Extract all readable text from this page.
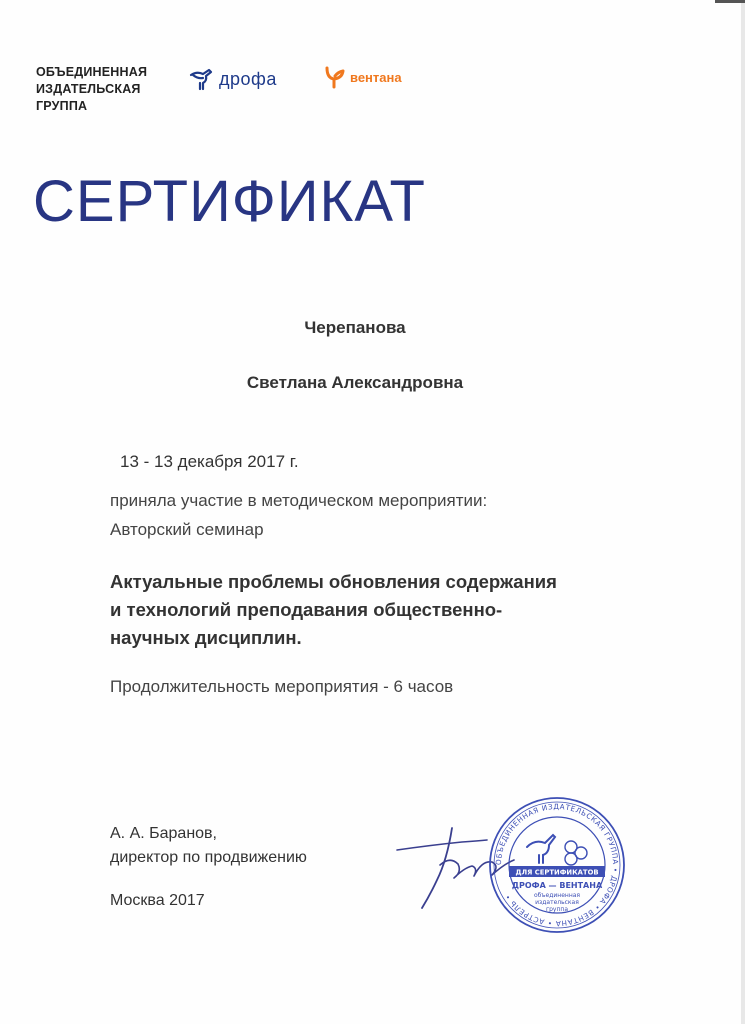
ОБЪЕДИНЕННАЯ
ИЗДАТЕЛЬСКАЯ
ГРУППА
дрофа	вентана
СЕРТИФИКАТ
Черепанова
Светлана Александровна
13 - 13 декабря 2017 г.
приняла участие в методическом мероприятии:
Авторский семинар
Актуальные проблемы обновления содержания
и технологий преподавания общественно-
научных дисциплин.
Продолжительность мероприятия - 6 часов
А. А. Баранов,
директор по продвижению
Москва 2017
ОБЪЕДИНЕННАЯ ИЗДАТЕЛЬСКАЯ ГРУППА • ДРОФА • ВЕНТАНА • АСТРЕЛЬ •
ДЛЯ СЕРТИФИКАТОВ
ДРОФА — ВЕНТАНА
объединенная
издательская
группа
